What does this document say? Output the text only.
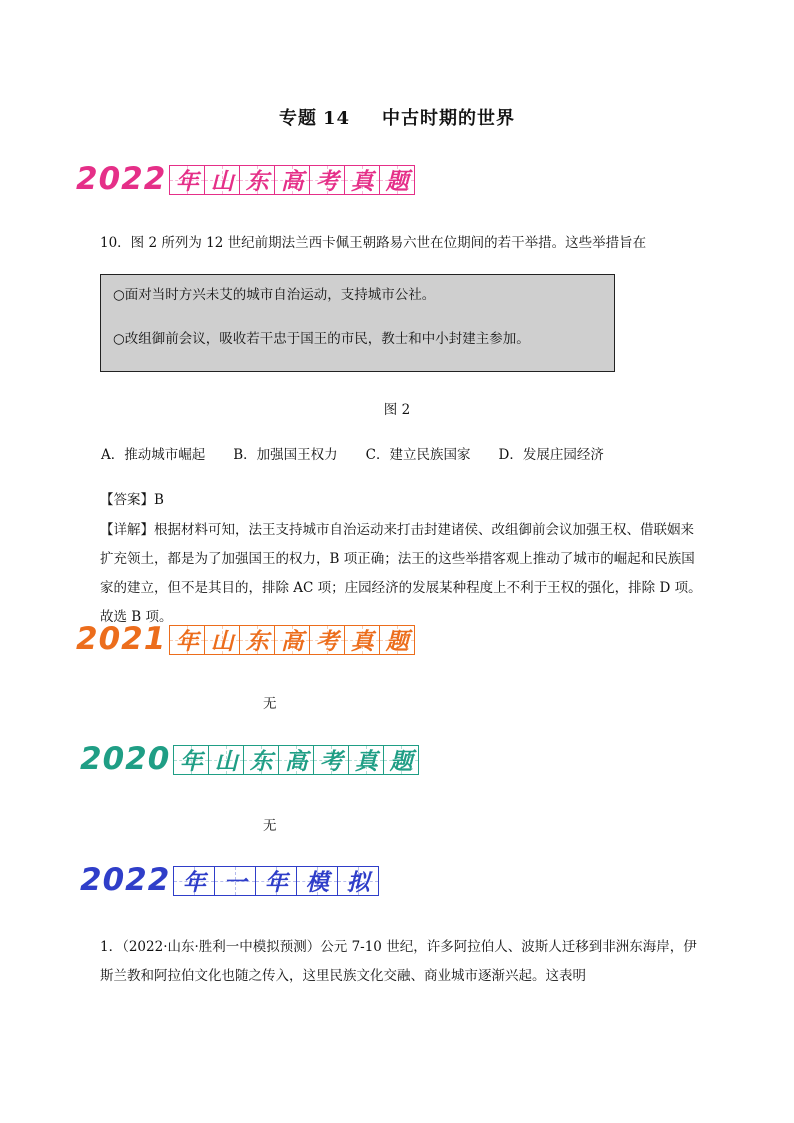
专题 14 中古时期的世界
2022 年 山 东 高 考 真 题
10．图 2 所列为 12 世纪前期法兰西卡佩王朝路易六世在位期间的若干举措。这些举措旨在
○面对当时方兴未艾的城市自治运动，支持城市公社。
○改组御前会议，吸收若干忠于国王的市民，教士和中小封建主参加。
图 2
A．推动城市崛起 B．加强国王权力 C．建立民族国家 D．发展庄园经济
【答案】B
【详解】根据材料可知，法王支持城市自治运动来打击封建诸侯、改组御前会议加强王权、借联姻来扩充领土，都是为了加强国王的权力，B 项正确；法王的这些举措客观上推动了城市的崛起和民族国家的建立，但不是其目的，排除 AC 项；庄园经济的发展某种程度上不利于王权的强化，排除 D 项。故选 B 项。
2021 年 山 东 高 考 真 题
无
2020 年 山 东 高 考 真 题
无
2022 年 一 年 模 拟
1．（2022·山东·胜利一中模拟预测）公元 7-10 世纪，许多阿拉伯人、波斯人迁移到非洲东海岸，伊斯兰教和阿拉伯文化也随之传入，这里民族文化交融、商业城市逐渐兴起。这表明
